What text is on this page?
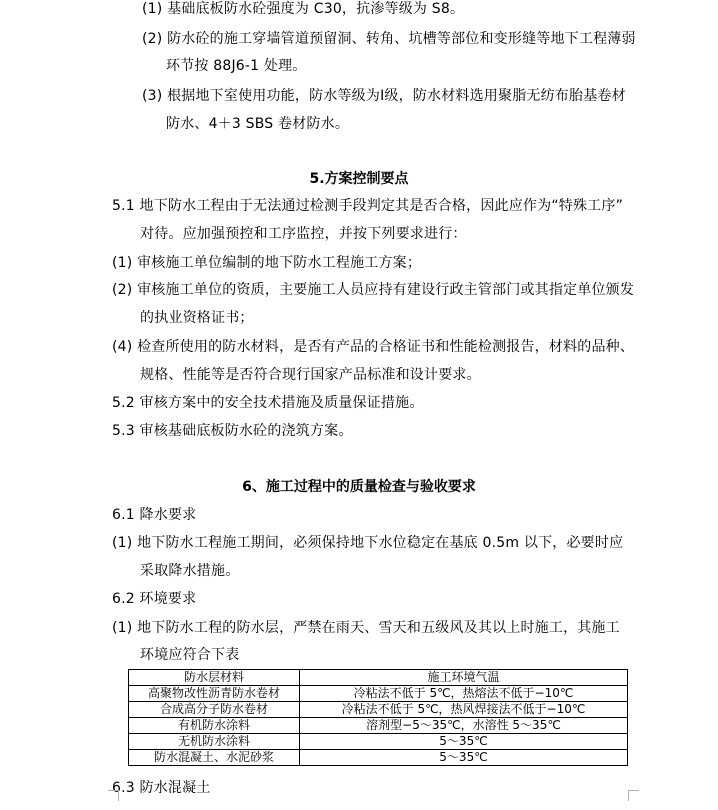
(1) 基础底板防水砼强度为 C30，抗渗等级为 S8。
(2) 防水砼的施工穿墙管道预留洞、转角、坑槽等部位和变形缝等地下工程薄弱
环节按 88J6-1 处理。
(3) 根据地下室使用功能，防水等级为Ⅰ级，防水材料选用聚脂无纺布胎基卷材
防水、4＋3 SBS 卷材防水。
5.方案控制要点
5.1 地下防水工程由于无法通过检测手段判定其是否合格，因此应作为“特殊工序”
对待。应加强预控和工序监控，并按下列要求进行：
(1) 审核施工单位编制的地下防水工程施工方案；
(2) 审核施工单位的资质，主要施工人员应持有建设行政主管部门或其指定单位颁发
的执业资格证书；
(4) 检查所使用的防水材料，是否有产品的合格证书和性能检测报告，材料的品种、
规格、性能等是否符合现行国家产品标准和设计要求。
5.2 审核方案中的安全技术措施及质量保证措施。
5.3 审核基础底板防水砼的浇筑方案。
6、施工过程中的质量检查与验收要求
6.1 降水要求
(1) 地下防水工程施工期间，必须保持地下水位稳定在基底 0.5m 以下，必要时应
采取降水措施。
6.2 环境要求
(1) 地下防水工程的防水层，严禁在雨天、雪天和五级风及其以上时施工，其施工
环境应符合下表
防水层材料	施工环境气温
高聚物改性沥青防水卷材	冷粘法不低于 5℃，热熔法不低于−10℃
合成高分子防水卷材	冷粘法不低于 5℃，热风焊接法不低于−10℃
有机防水涂料	溶剂型−5～35℃，水溶性 5～35℃
无机防水涂料	5～35℃
防水混凝土、水泥砂浆	5～35℃
6.3 防水混凝土
